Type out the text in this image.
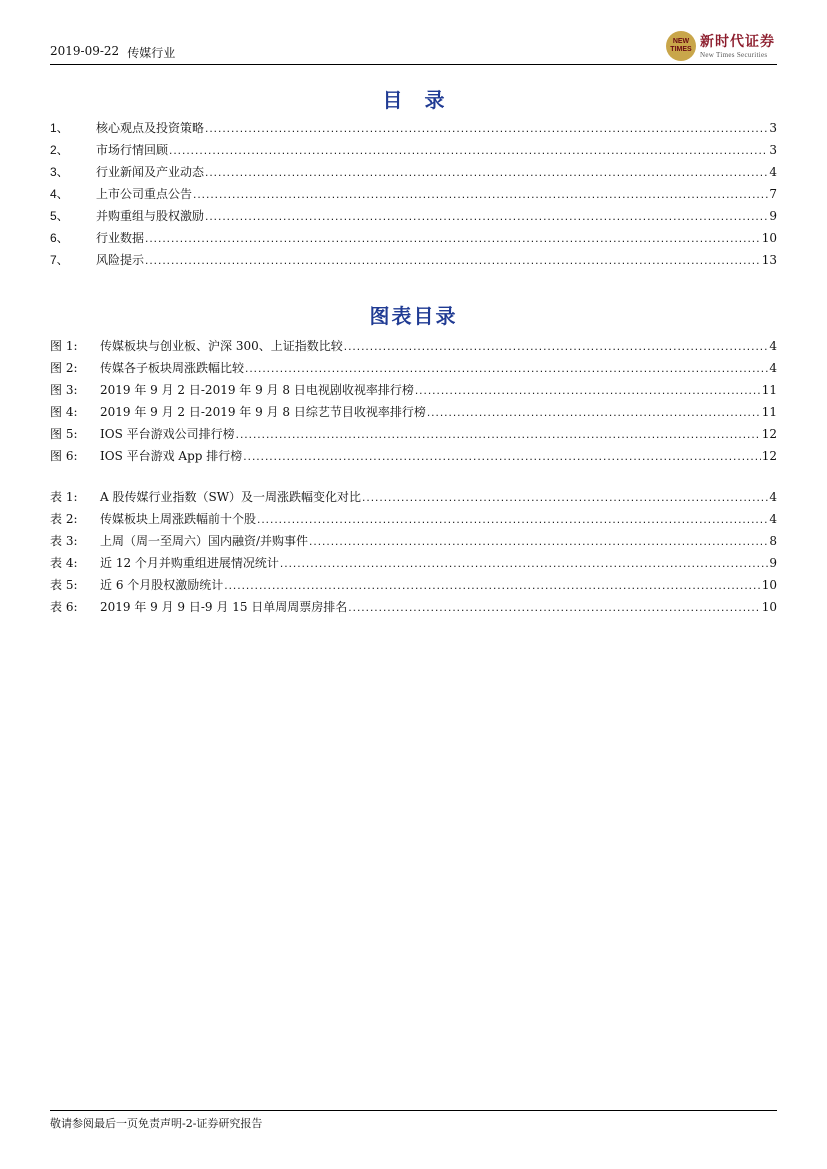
2019-09-22 传媒行业
NEW TIMES 新时代证券
New Times Securities
目录
1、	核心观点及投资策略 .....	3
2、	市场行情回顾 .....	3
3、	行业新闻及产业动态 .....	4
4、	上市公司重点公告 .....	7
5、	并购重组与股权激励 .....	9
6、	行业数据 .....	10
7、	风险提示 .....	13
图表目录
图 1:	传媒板块与创业板、沪深 300、上证指数比较 .....	4
图 2:	传媒各子板块周涨跌幅比较 .....	4
图 3:	2019 年 9 月 2 日-2019 年 9 月 8 日电视剧收视率排行榜 .....	11
图 4:	2019 年 9 月 2 日-2019 年 9 月 8 日综艺节目收视率排行榜 .....	11
图 5:	IOS 平台游戏公司排行榜 .....	12
图 6:	IOS 平台游戏 App 排行榜 .....	12
表 1:	A 股传媒行业指数（SW）及一周涨跌幅变化对比 .....	4
表 2:	传媒板块上周涨跌幅前十个股 .....	4
表 3:	上周（周一至周六）国内融资/并购事件 .....	8
表 4:	近 12 个月并购重组进展情况统计 .....	9
表 5:	近 6 个月股权激励统计 .....	10
表 6:	2019 年 9 月 9 日-9 月 15 日单周周票房排名 .....	10
敬请参阅最后一页免责声明-2-证券研究报告
